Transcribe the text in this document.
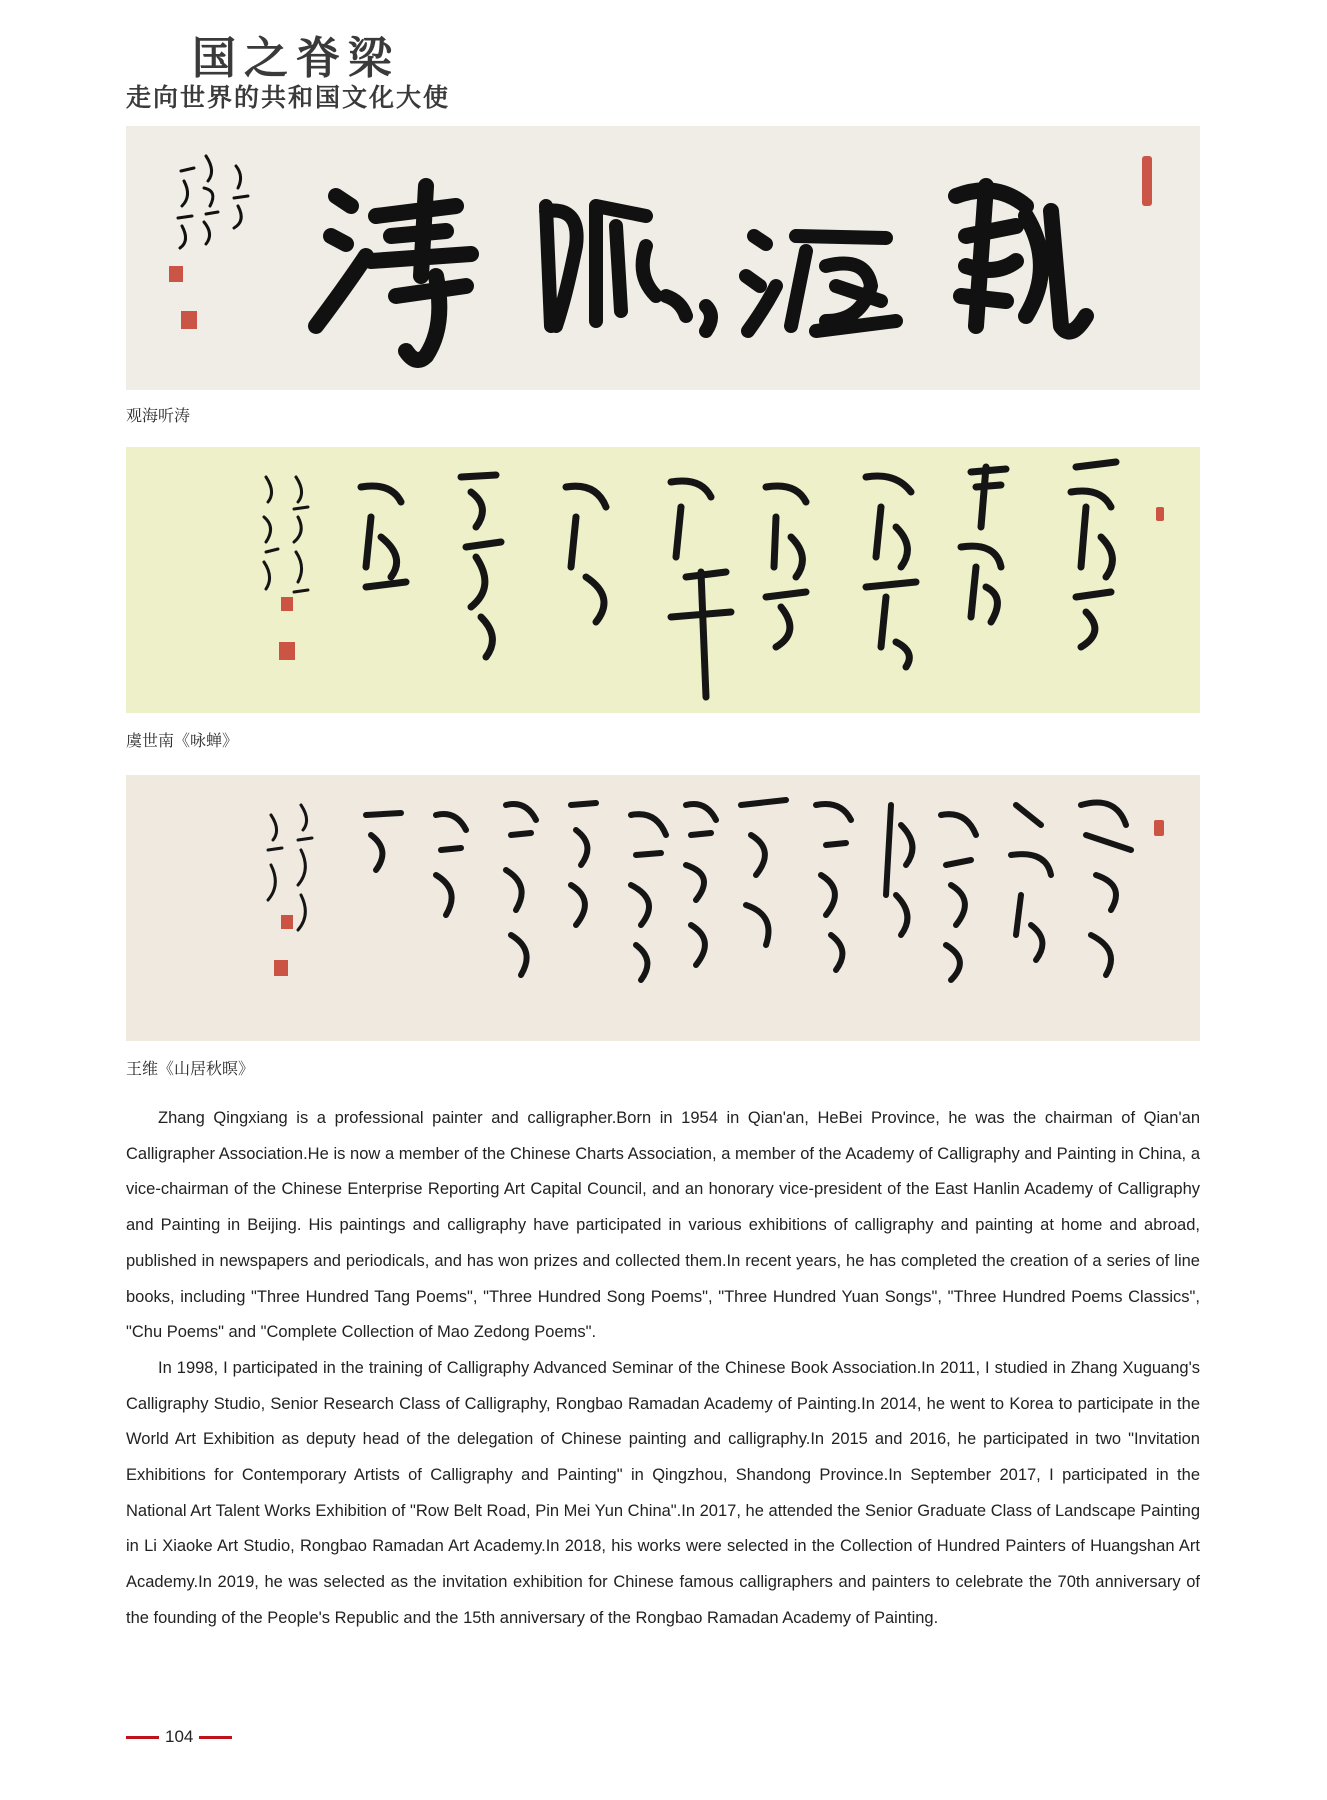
国之脊梁
走向世界的共和国文化大使
观海听涛
虞世南《咏蝉》
王维《山居秋暝》

Zhang Qingxiang is a professional painter and calligrapher.Born in 1954 in Qian'an, HeBei Province, he was the chairman of Qian'an Calligrapher Association.He is now a member of the Chinese Charts Association, a member of the Academy of Calligraphy and Painting in China, a vice-chairman of the Chinese Enterprise Reporting Art Capital Council, and an honorary vice-president of the East Hanlin Academy of Calligraphy and Painting in Beijing. His paintings and calligraphy have participated in various exhibitions of calligraphy and painting at home and abroad, published in newspapers and periodicals, and has won prizes and collected them.In recent years, he has completed the creation of a series of line books, including "Three Hundred Tang Poems", "Three Hundred Song Poems", "Three Hundred Yuan Songs", "Three Hundred Poems Classics", "Chu Poems" and "Complete Collection of Mao Zedong Poems".

In 1998, I participated in the training of Calligraphy Advanced Seminar of the Chinese Book Association.In 2011, I studied in Zhang Xuguang's Calligraphy Studio, Senior Research Class of Calligraphy, Rongbao Ramadan Academy of Painting.In 2014, he went to Korea to participate in the World Art Exhibition as deputy head of the delegation of Chinese painting and calligraphy.In 2015 and 2016, he participated in two "Invitation Exhibitions for Contemporary Artists of Calligraphy and Painting" in Qingzhou, Shandong Province.In September 2017, I participated in the National Art Talent Works Exhibition of "Row Belt Road, Pin Mei Yun China".In 2017, he attended the Senior Graduate Class of Landscape Painting in Li Xiaoke Art Studio, Rongbao Ramadan Art Academy.In 2018, his works were selected in the Collection of Hundred Painters of Huangshan Art Academy.In 2019, he was selected as the invitation exhibition for Chinese famous calligraphers and painters to celebrate the 70th anniversary of the founding of the People's Republic and the 15th anniversary of the Rongbao Ramadan Academy of Painting.

104
